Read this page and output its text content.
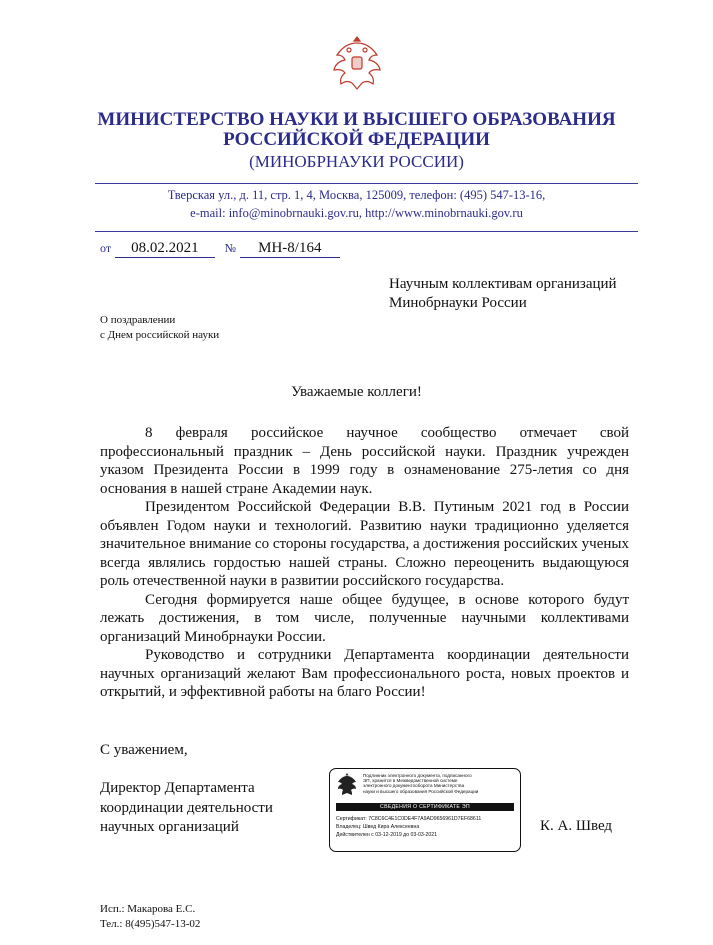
МИНИСТЕРСТВО НАУКИ И ВЫСШЕГО ОБРАЗОВАНИЯ
РОССИЙСКОЙ ФЕДЕРАЦИИ
(МИНОБРНАУКИ РОССИИ)
Тверская ул., д. 11, стр. 1, 4, Москва, 125009, телефон: (495) 547-13-16,
e-mail: info@minobrnauki.gov.ru, http://www.minobrnauki.gov.ru
от 08.02.2021 № МН-8/164
Научным коллективам организаций
Минобрнауки России
О поздравлении
с Днем российской науки
Уважаемые коллеги!

8 февраля российское научное сообщество отмечает свой профессиональный праздник – День российской науки. Праздник учрежден указом Президента России в 1999 году в ознаменование 275-летия со дня основания в нашей стране Академии наук.

Президентом Российской Федерации В.В. Путиным 2021 год в России объявлен Годом науки и технологий. Развитию науки традиционно уделяется значительное внимание со стороны государства, а достижения российских ученых всегда являлись гордостью нашей страны. Сложно переоценить выдающуюся роль отечественной науки в развитии российского государства.

Сегодня формируется наше общее будущее, в основе которого будут лежать достижения, в том числе, полученные научными коллективами организаций Минобрнауки России.

Руководство и сотрудники Департамента координации деятельности научных организаций желают Вам профессионального роста, новых проектов и открытий, и эффективной работы на благо России!

С уважением,
Директор Департамента
координации деятельности
научных организаций
Подлинник электронного документа, подписанного
ЭП, хранится в Межведомственной системе
электронного документооборота Министерства
науки и высшего образования Российской Федерации
СВЕДЕНИЯ О СЕРТИФИКАТЕ ЭП
Сертификат: 7C8C6C4E1C0DE4F7A9AD9656961D7EF68611
Владелец: Швед Кира Алексеевна
Действителен с 03-12-2019 до 03-03-2021
К. А. Швед
Исп.: Макарова Е.С.
Тел.: 8(495)547-13-02
